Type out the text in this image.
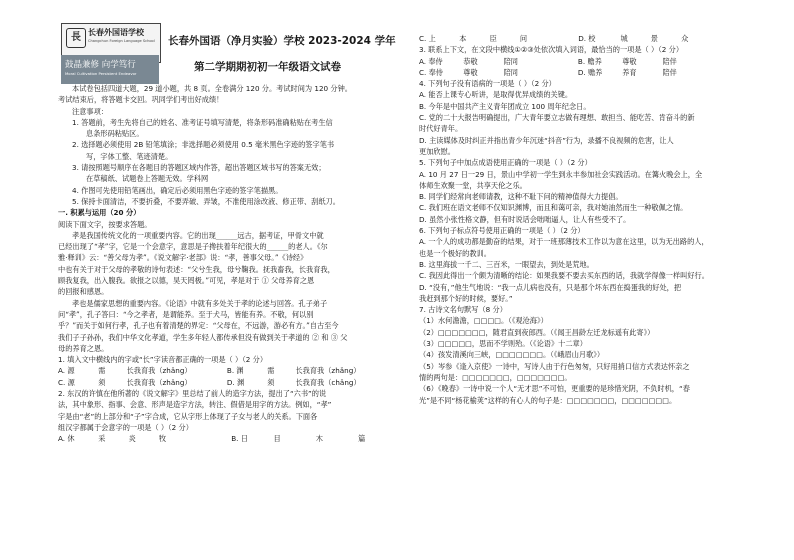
長 长春外国语学校
Changchun Foreign Language School
鼓晶兼修 向学笃行
Moral Cultivation Persistent Endeavor
长春外国语（净月实验）学校 2023-2024 学年
第二学期期初初一年级语文试卷
本试卷包括四道大题，29 道小题，共 8 页。全卷满分 120 分。考试时间为 120 分钟。
考试结束后，将答题卡交回。巩同学们考出好成绩！
注意事项：
1. 答题前，考生先将自己的姓名、准考证号填写清楚，将条形码准确粘贴在考生信
息条形码粘贴区。
2. 选择题必须使用 2B 铅笔填涂；非选择题必须使用 0.5 毫米黑色字迹的签字笔书
写，字体工整、笔迹清楚。
3. 请按照题号顺序在各题目的答题区域内作答，超出答题区域书写的答案无效；
在草稿纸、试题卷上答题无效。学科网
4. 作图可先使用铅笔画出，确定后必须用黑色字迹的签字笔描黑。
5. 保持卡面清洁，不要折叠，不要弄破、弄皱，不准使用涂改液、修正带、刮纸刀。
一. 积累与运用（20 分）
阅读下面文字，按要求答题。
孝是我国传统文化的一项重要内容。它的出现______远古，据考证，甲骨文中就
已经出现了“孝”字，它是一个会意字，意思是子搀扶着年纪很大的______的老人。《尔
雅·释训》云：“善父母为孝”。《说文解字·老部》说：“孝，善事父母。”《诗经》
中也有关于对于父母的孝敬的诗句表述：“父兮生我，母兮鞠我。抚我畜我，长我育我，
顾我复我，出入腹我。欲报之以德，昊天罔极。”可见，孝是对于 ① 父母养育之恩
的回报和感恩。
孝也是儒家思想的重要内容。《论语》中就有多处关于孝的论述与回答。孔子弟子
问“孝”，孔子答曰：“今之孝者，是谓能养。至于犬马，皆能有养。不敬，何以别
乎？”而关于如何行孝，孔子也有着清楚的界定：“父母在，不远游，游必有方。”自古至今
我们子子孙孙，我们中华文化孝道，学生多年轻人都传承但没有做到关于孝道的 ② 和 ③ 父
母的养育之恩。
1. 填入文中横线内的字或“长”字读音都正确的一项是（ ）（2 分）
A. 源	需	长我育我（zhǎng）	B. 渊	需	长我育我（zhǎng）
C. 源	须	长我育我（zhǎng）	D. 渊	须	长我育我（chǎng）
2. 东汉的许慎在他所著的《说文解字》里总结了前人的造字方法，提出了“六书”的说
法，其中象形、指事、会意、形声是造字方法，转注、假借是用字的方法。例如，“孝”
字是由“老”的上部分和“子”字合成，它从字形上体现了子女与老人的关系。下面各
组汉字都属于会意字的一项是（ ）（2 分）
A. 休	采	炎	牧	B. 日	目	木	篇
C. 上	本	臣	问	D. 校	城	景	众
3. 联系上下文，在文段中横线①②③处依次填入词语，最恰当的一项是（ ）（2 分）
A. 奉侍	恭敬	陪同	B. 赡养	尊敬	陪伴
C. 奉侍	尊敬	陪同	D. 赡养	养育	陪伴
4. 下列句子没有语病的一项是（ ）（2 分）
A. 能否上课专心听讲，是取得优异成绩的关键。
B. 今年是中国共产主义青年团成立 100 周年纪念日。
C. 党的二十大报告明确提出，广大青年要立志做有理想、敢担当、能吃苦、肯奋斗的新
时代好青年。
D. 主读媒体及时纠正并指出青少年沉迷“抖音”行为，录播不良视频的危害，让人
更加欣慰。
5. 下列句子中加点成语使用正确的一项是（ ）（2 分）
A. 10 月 27 日一29 日，景山中学初一学生到永丰参加社会实践活动。在篝火晚会上，全
体师生欢聚一堂，共享天伦之乐。
B. 同学们经常向老师请教，这种不耻下问的精神值得大力提倡。
C. 我们班在语文老师不仅知识渊博，而且和蔼可亲，我对她油然而生一种敬佩之情。
D. 虽然小张性格文静，但有时说话会咄咄逼人，让人有些受不了。
6. 下列句子标点符号使用正确的一项是（ ）（2 分）
A. 一个人的成功都是勤奋的结果，对于一班那薄技术工作以为意在这里，以为无出路的人，
也是一个极好的教训。
B. 这里海拔一千二、三百米，一眼望去，到处是荒地。
C. 我因此得出一个颇为清晰的结论：如果我要不要去买东西的话，我就学得像一样叫好行。
D. “没有，”他生气地说：“我一点儿病也没有，只是那个坏东西在捣蛋我的好处，把
我赶到那个好的时候，要好。”
7. 古诗文名句默写（8 分）
（1）水何澹澹，□□□□。（《观沧海》）
（2）□□□□□□□，随君直到夜郎西。（《闻王昌龄左迁龙标遥有此寄》）
（3）□□□□□，思而不学则殆。（《论语》十二章）
（4）孩发清溪向三峡，□□□□□□□。（《峨眉山月歌》）
（5）岑参《逢入京使》一诗中，写诗人由于行色匆匆，只好用捎口信方式表达怀亲之
情的两句是：□□□□□□□，□□□□□□□。
（6）《晚春》一诗中说一个人“无才思”不可怕，更重要的是珍惜光阴，不负时机，“春
光”是不同“杨花榆荚”这样的有心人的句子是：□□□□□□□，□□□□□□□。
